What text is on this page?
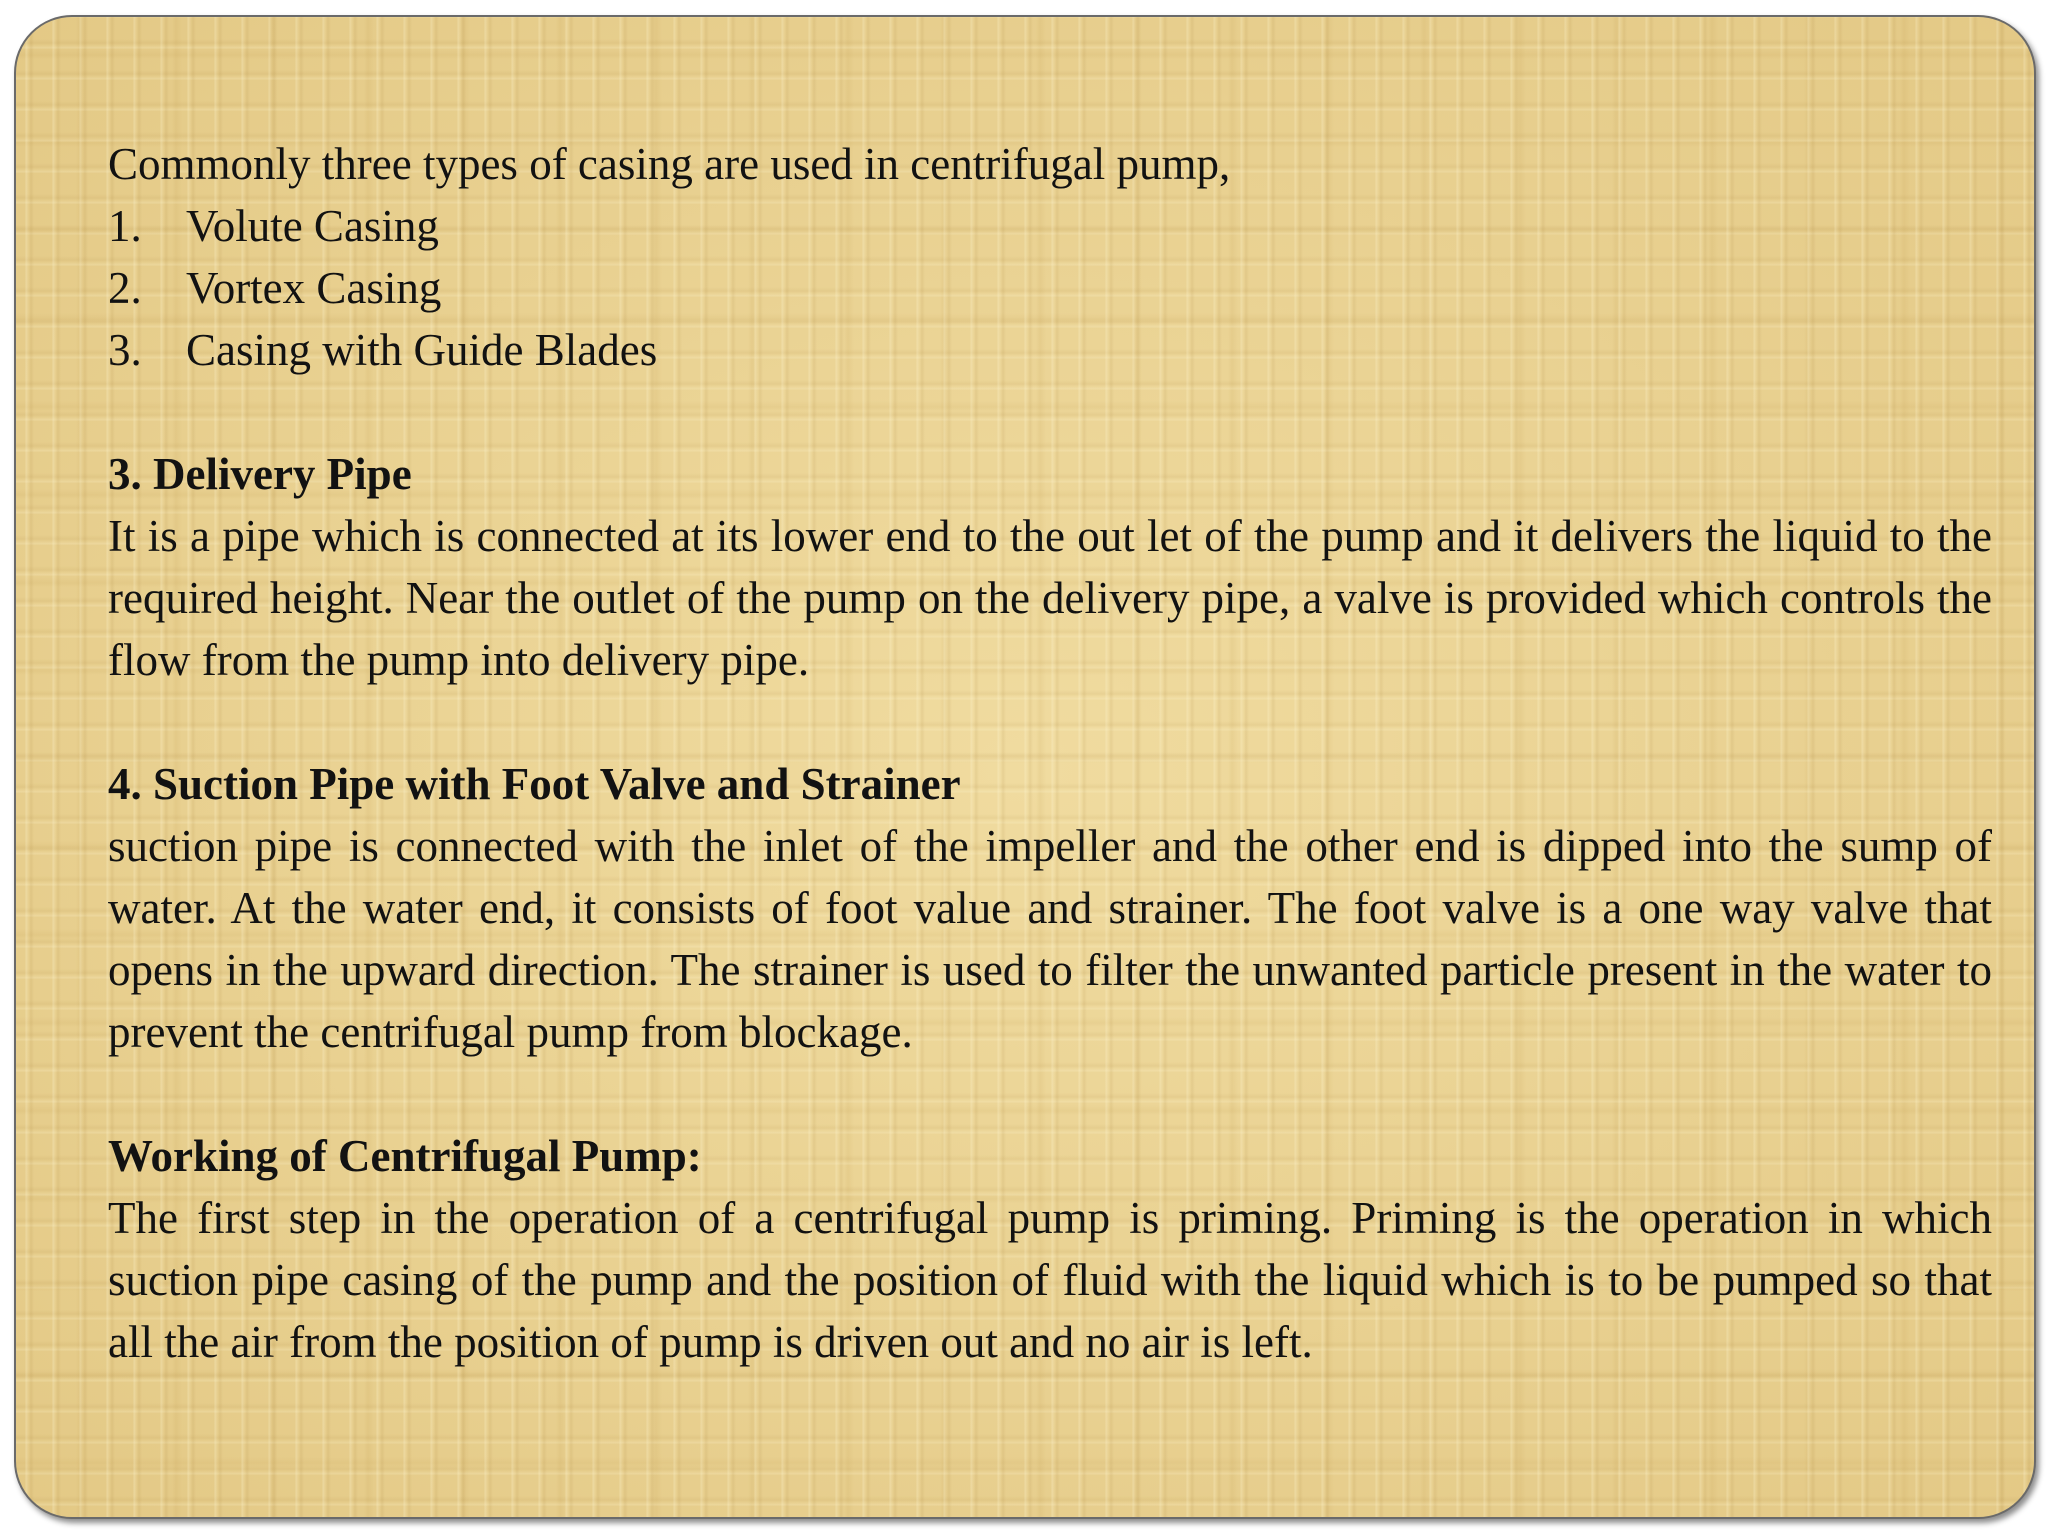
Commonly three types of casing are used in centrifugal pump,

1. Volute Casing
2. Vortex Casing
3. Casing with Guide Blades

3. Delivery Pipe

It is a pipe which is connected at its lower end to the out let of the pump and it delivers the liquid to the required height. Near the outlet of the pump on the delivery pipe, a valve is provided which controls the flow from the pump into delivery pipe.

4. Suction Pipe with Foot Valve and Strainer

suction pipe is connected with the inlet of the impeller and the other end is dipped into the sump of water. At the water end, it consists of foot value and strainer. The foot valve is a one way valve that opens in the upward direction. The strainer is used to filter the unwanted particle present in the water to prevent the centrifugal pump from blockage.

Working of Centrifugal Pump:

The first step in the operation of a centrifugal pump is priming. Priming is the operation in which suction pipe casing of the pump and the position of fluid with the liquid which is to be pumped so that all the air from the position of pump is driven out and no air is left.
